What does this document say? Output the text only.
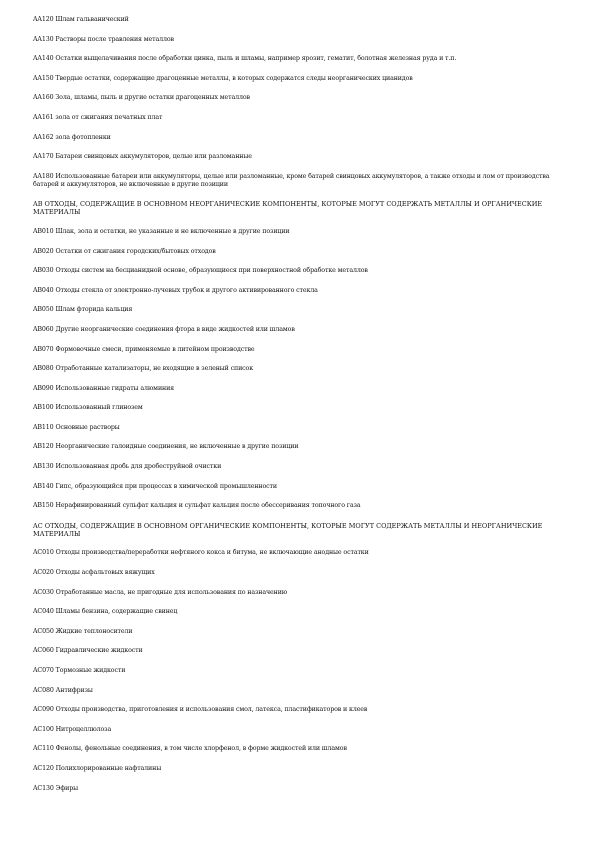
AA120 Шлам гальванический

AA130 Растворы после травления металлов

AA140 Остатки выщелачивания после обработки цинка, пыль и шламы, например ярозит, гематит, болотная железная руда и т.п.

AA150 Твердые остатки, содержащие драгоценные металлы, в которых содержатся следы неорганических цианидов

AA160 Зола, шламы, пыль и другие остатки драгоценных металлов

AA161 зола от сжигания печатных плат

AA162 зола фотопленки

AA170 Батареи свинцовых аккумуляторов, целые или разломанные

AA180 Использованные батареи или аккумуляторы, целые или разломанные, кроме батарей свинцовых аккумуляторов, а также отходы и лом от производства батарей и аккумуляторов, не включенные в другие позиции

AB ОТХОДЫ, СОДЕРЖАЩИЕ В ОСНОВНОМ НЕОРГАНИЧЕСКИЕ КОМПОНЕНТЫ, КОТОРЫЕ МОГУТ СОДЕРЖАТЬ МЕТАЛЛЫ И ОРГАНИЧЕСКИЕ МАТЕРИАЛЫ

AB010 Шлак, зола и остатки, не указанные и не включенные в другие позиции

AB020 Остатки от сжигания городских/бытовых отходов

AB030 Отходы систем на бесцианидной основе, образующиеся при поверхностной обработке металлов

AB040 Отходы стекла от электронно-лучевых трубок и другого активированного стекла

AB050 Шлам фторида кальция

AB060 Другие неорганические соединения фтора в виде жидкостей или шламов

AB070 Формовочные смеси, применяемые в литейном производстве

AB080 Отработанные катализаторы, не входящие в зеленый список

AB090 Использованные гидраты алюминия

AB100 Использованный глинозем

AB110 Основные растворы

AB120 Неорганические галоидные соединения, не включенные в другие позиции

AB130 Использованная дробь для дробеструйной очистки

AB140 Гипс, образующийся при процессах в химической промышленности

AB150 Нерафинированный сульфат кальция и сульфат кальция после обессеривания топочного газа

AC ОТХОДЫ, СОДЕРЖАЩИЕ В ОСНОВНОМ ОРГАНИЧЕСКИЕ КОМПОНЕНТЫ, КОТОРЫЕ МОГУТ СОДЕРЖАТЬ МЕТАЛЛЫ И НЕОРГАНИЧЕСКИЕ МАТЕРИАЛЫ

AC010 Отходы производства/переработки нефтяного кокса и битума, не включающие анодные остатки

AC020 Отходы асфальтовых вяжущих

AC030 Отработанные масла, не пригодные для использования по назначению

AC040 Шламы бензина, содержащие свинец

AC050 Жидкие теплоносители

AC060 Гидравлические жидкости

AC070 Тормозные жидкости

AC080 Антифризы

AC090 Отходы производства, приготовления и использования смол, латекса, пластификаторов и клеев

AC100 Нитроцеллюлоза

AC110 Фенолы, фенольные соединения, в том числе хлорфенол, в форме жидкостей или шламов

AC120 Полихлорированные нафталины

AC130 Эфиры
